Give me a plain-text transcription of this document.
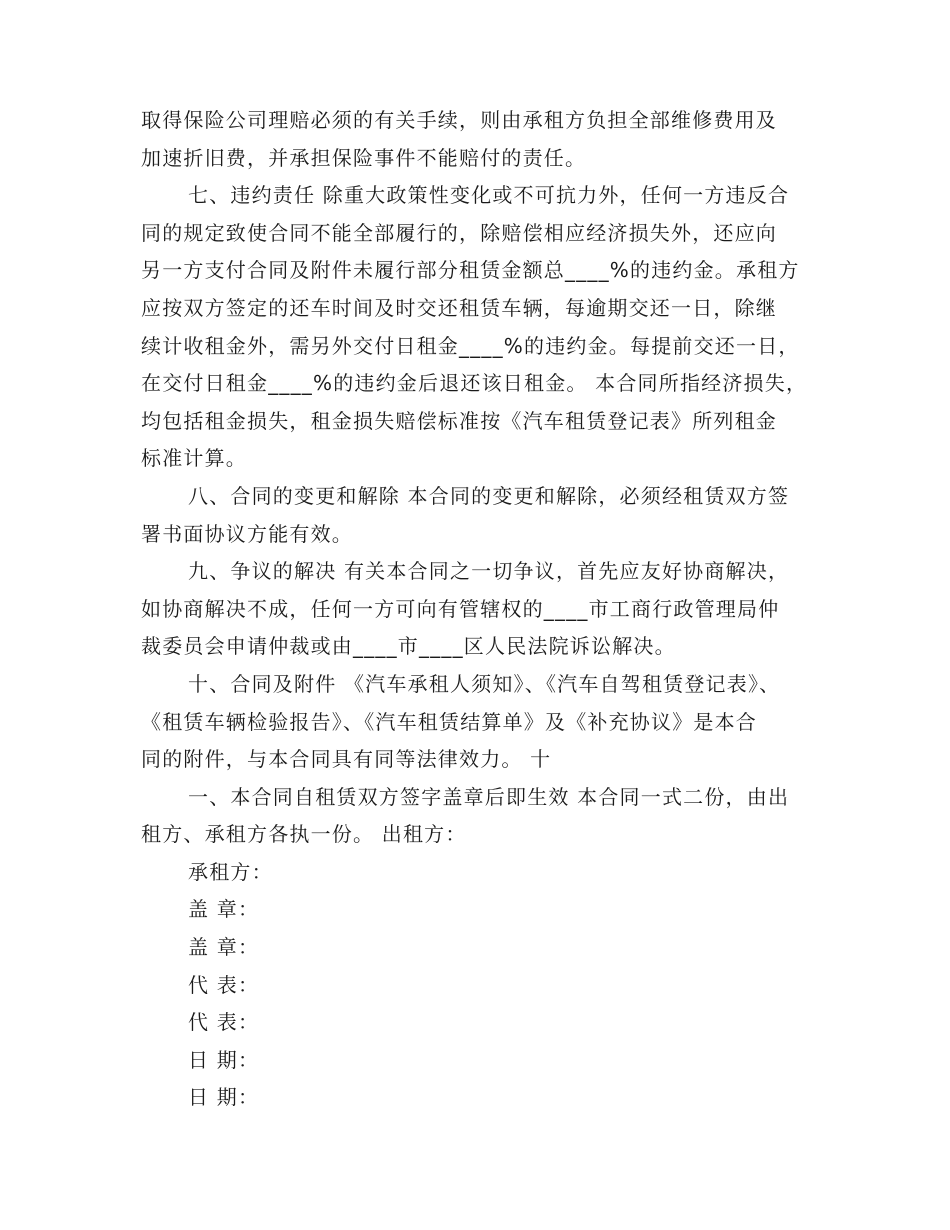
取得保险公司理赔必须的有关手续，则由承租方负担全部维修费用及
加速折旧费，并承担保险事件不能赔付的责任。
七、违约责任 除重大政策性变化或不可抗力外，任何一方违反合
同的规定致使合同不能全部履行的，除赔偿相应经济损失外，还应向
另一方支付合同及附件未履行部分租赁金额总____%的违约金。承租方
应按双方签定的还车时间及时交还租赁车辆，每逾期交还一日，除继
续计收租金外，需另外交付日租金____%的违约金。每提前交还一日，
在交付日租金____%的违约金后退还该日租金。 本合同所指经济损失，
均包括租金损失，租金损失赔偿标准按《汽车租赁登记表》所列租金
标准计算。
八、合同的变更和解除 本合同的变更和解除，必须经租赁双方签
署书面协议方能有效。
九、争议的解决 有关本合同之一切争议，首先应友好协商解决，
如协商解决不成，任何一方可向有管辖权的____市工商行政管理局仲
裁委员会申请仲裁或由____市____区人民法院诉讼解决。
十、合同及附件 《汽车承租人须知》、《汽车自驾租赁登记表》、
《租赁车辆检验报告》、《汽车租赁结算单》及《补充协议》是本合
同的附件，与本合同具有同等法律效力。 十
一、本合同自租赁双方签字盖章后即生效 本合同一式二份，由出
租方、承租方各执一份。 出租方：
承租方：
盖 章：
盖 章：
代 表：
代 表：
日 期：
日 期：
